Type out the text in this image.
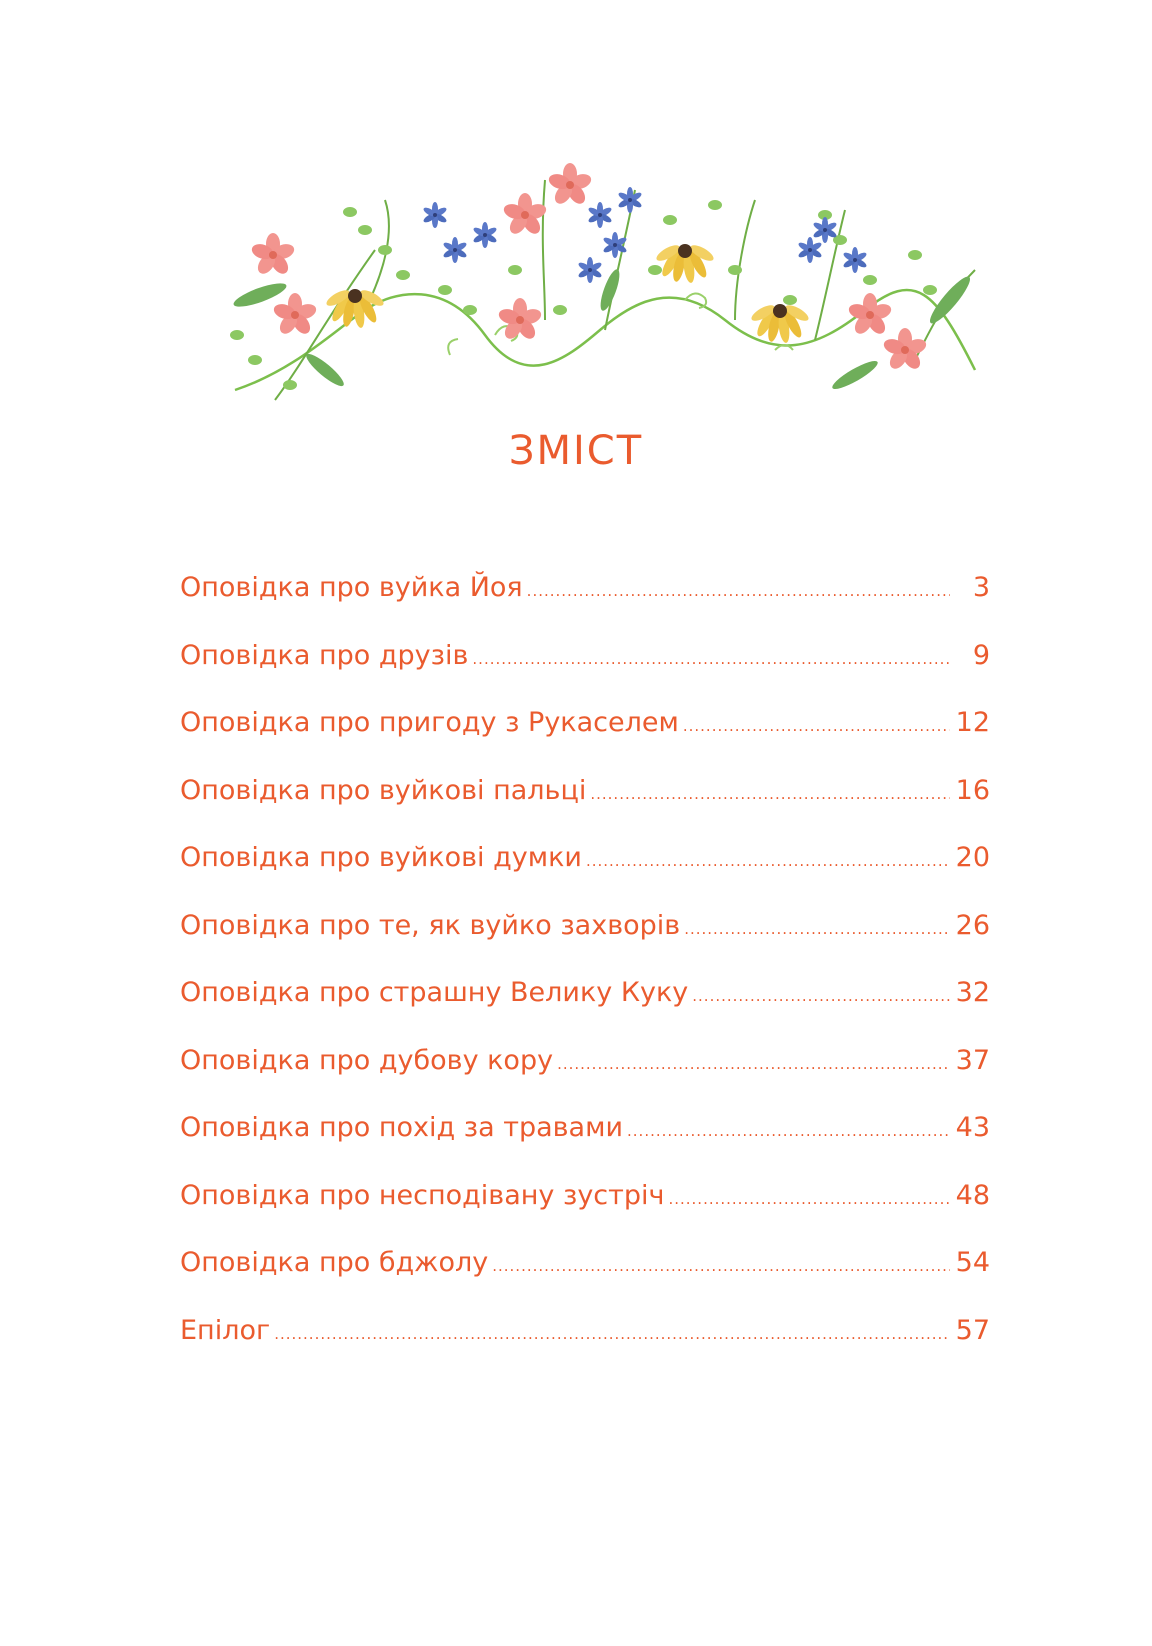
ЗМІСТ
Оповідка про вуйка Йоя .....	3
Оповідка про друзів .....	9
Оповідка про пригоду з Рукаселем .....	12
Оповідка про вуйкові пальці .....	16
Оповідка про вуйкові думки .....	20
Оповідка про те, як вуйко захворів .....	26
Оповідка про страшну Велику Куку .....	32
Оповідка про дубову кору .....	37
Оповідка про похід за травами .....	43
Оповідка про несподівану зустріч .....	48
Оповідка про бджолу .....	54
Епілог .....	57
